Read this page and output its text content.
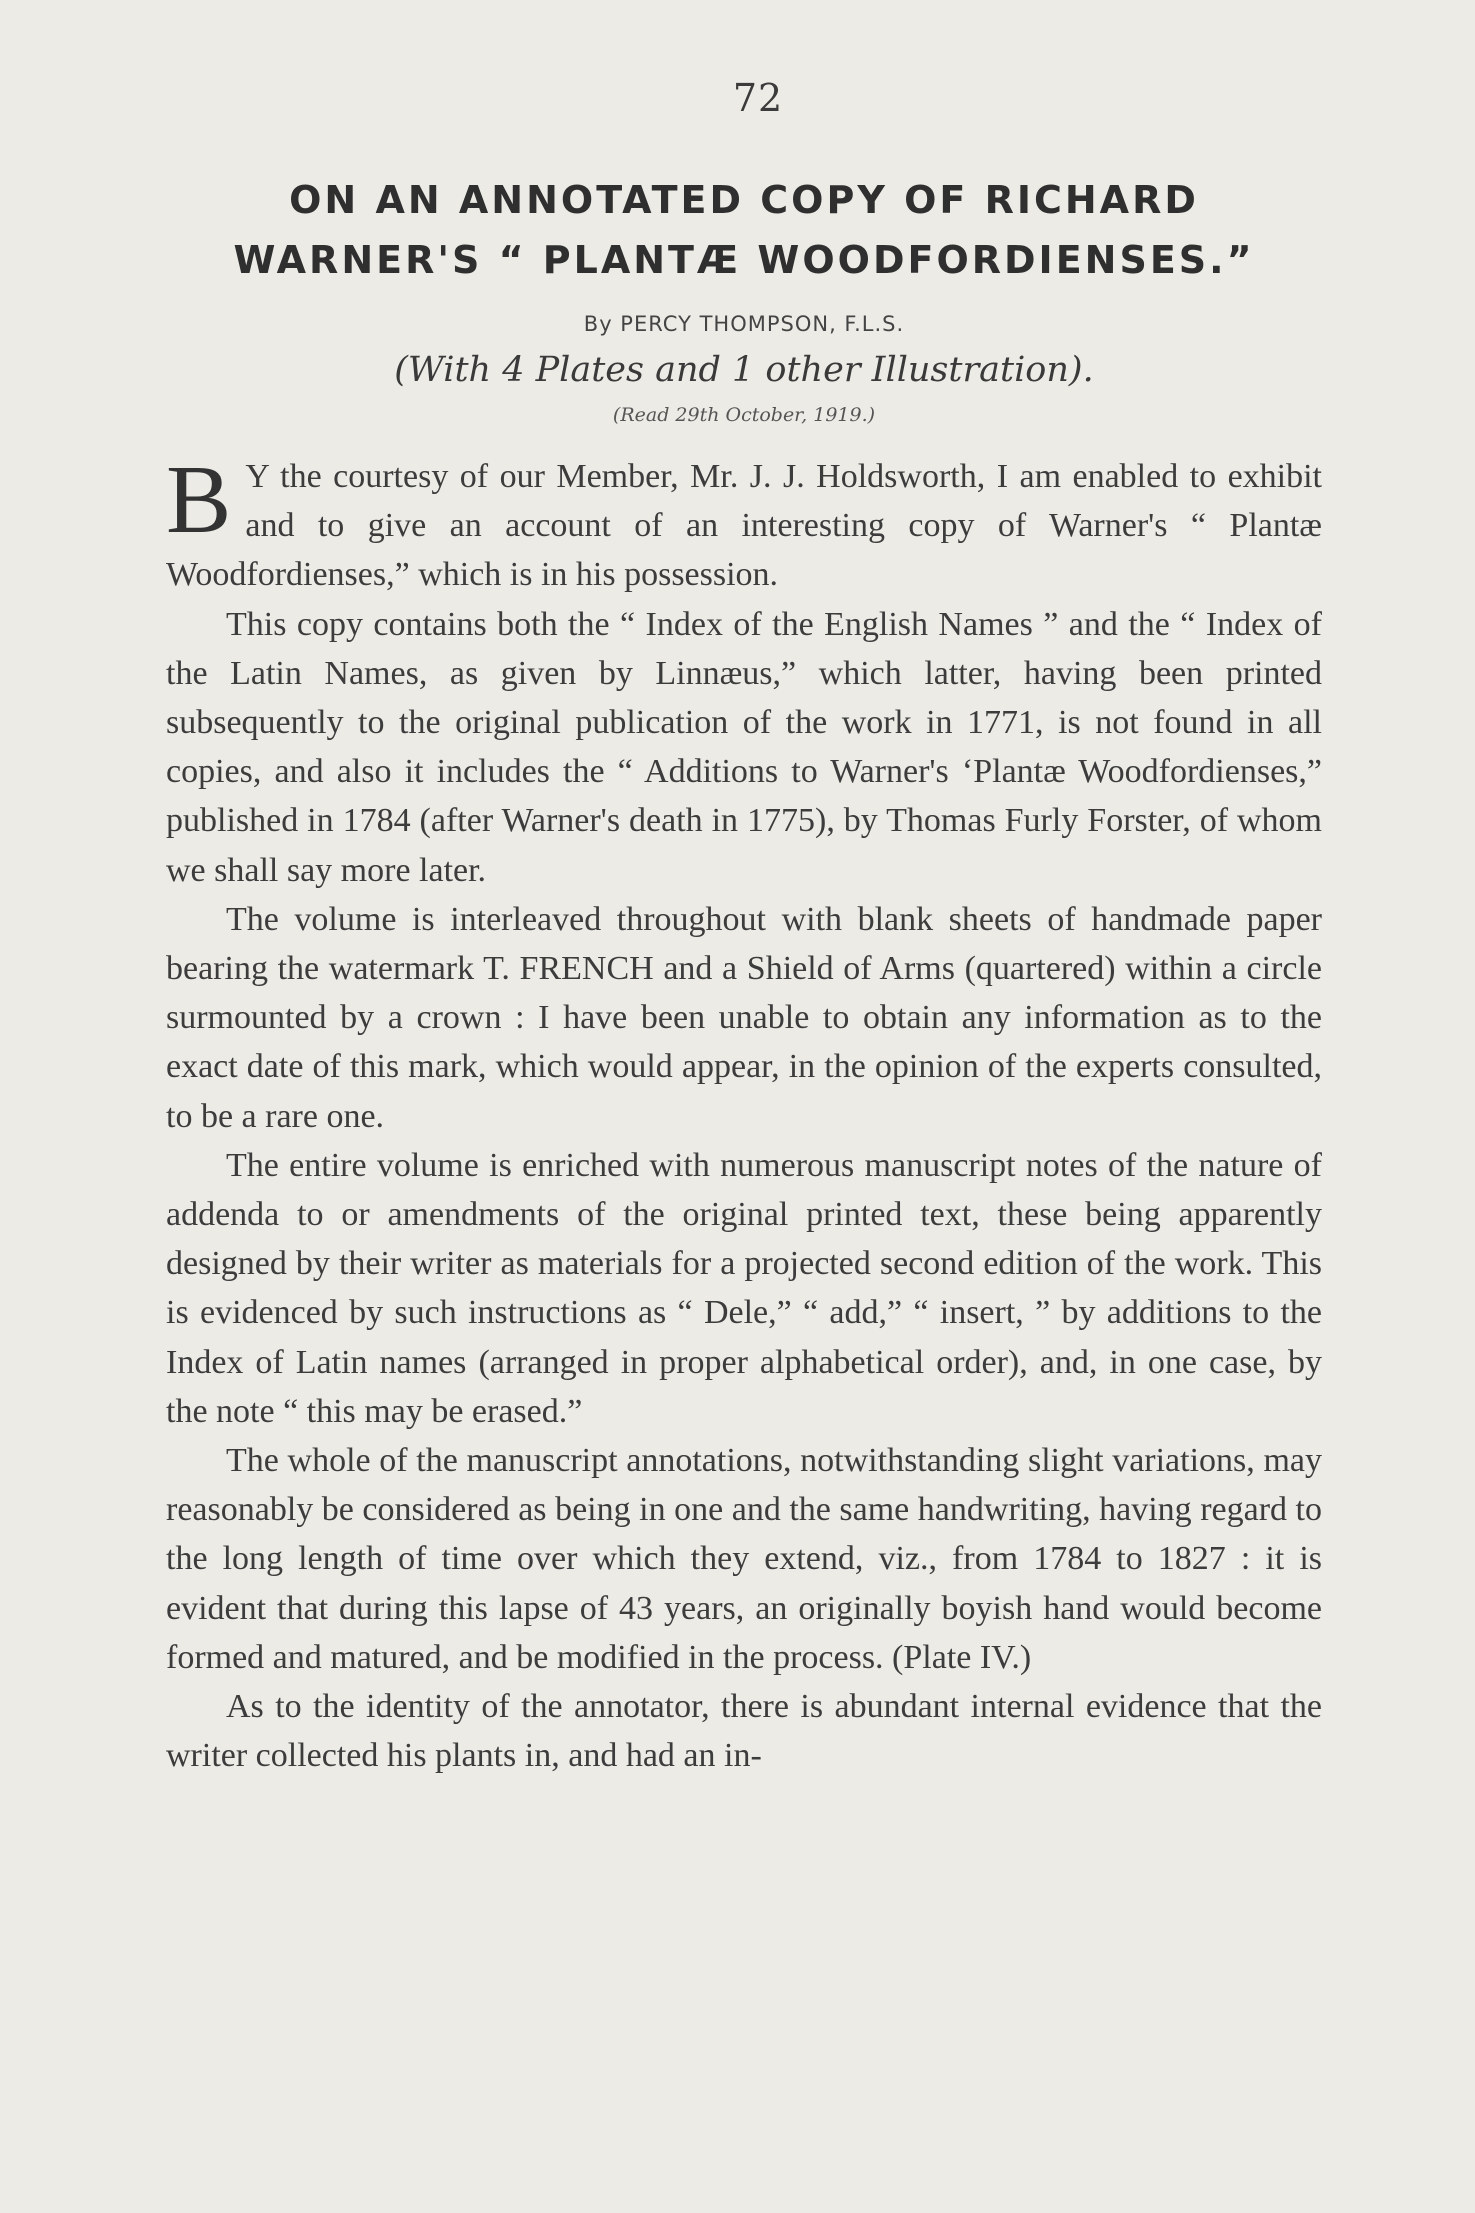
72
ON AN ANNOTATED COPY OF RICHARD
WARNER'S “ PLANTÆ WOODFORDIENSES.”
By PERCY THOMPSON, F.L.S.
(With 4 Plates and 1 other Illustration).
(Read 29th October, 1919.)

B Y the courtesy of our Member, Mr. J. J. Holdsworth, I am enabled to exhibit and to give an account of an interesting copy of Warner's “ Plantæ Woodfordienses,” which is in his possession.

This copy contains both the “ Index of the English Names ” and the “ Index of the Latin Names, as given by Linnæus,” which latter, having been printed subsequently to the original publication of the work in 1771, is not found in all copies, and also it includes the “ Additions to Warner's ‘Plantæ Woodfordienses,” published in 1784 (after Warner's death in 1775), by Thomas Furly Forster, of whom we shall say more later.

The volume is interleaved throughout with blank sheets of handmade paper bearing the watermark T. FRENCH and a Shield of Arms (quartered) within a circle surmounted by a crown : I have been unable to obtain any information as to the exact date of this mark, which would appear, in the opinion of the experts consulted, to be a rare one.

The entire volume is enriched with numerous manuscript notes of the nature of addenda to or amendments of the original printed text, these being apparently designed by their writer as materials for a projected second edition of the work. This is evidenced by such instructions as “ Dele,” “ add,” “ insert, ” by additions to the Index of Latin names (arranged in proper alphabetical order), and, in one case, by the note “ this may be erased.”

The whole of the manuscript annotations, notwithstanding slight variations, may reasonably be considered as being in one and the same handwriting, having regard to the long length of time over which they extend, viz., from 1784 to 1827 : it is evident that during this lapse of 43 years, an originally boyish hand would become formed and matured, and be modified in the process. (Plate IV.)

As to the identity of the annotator, there is abundant internal evidence that the writer collected his plants in, and had an in-
